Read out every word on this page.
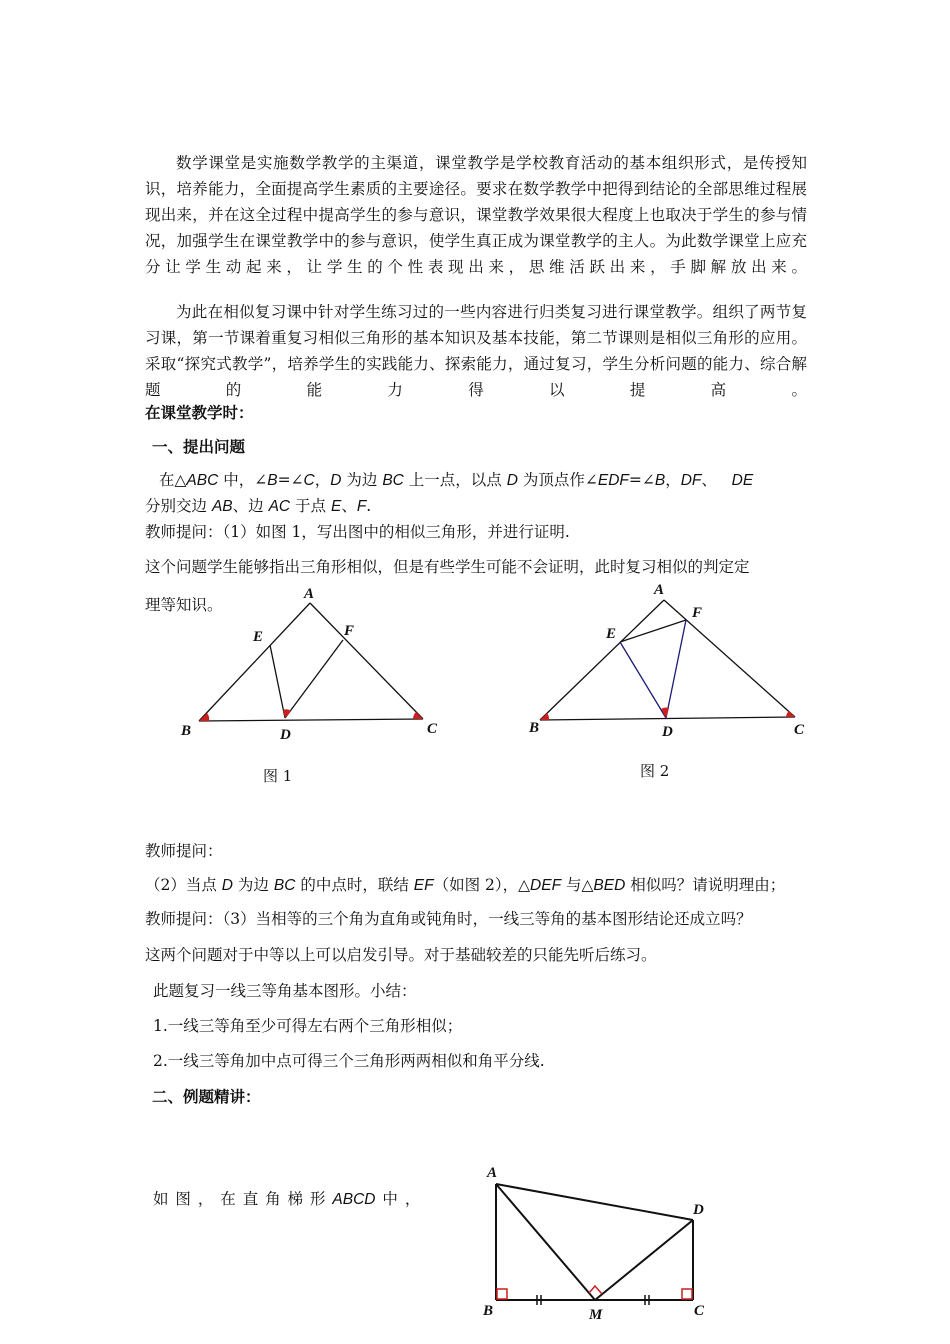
数学课堂是实施数学教学的主渠道，课堂教学是学校教育活动的基本组织形式，是传授知识，培养能力，全面提高学生素质的主要途径。要求在数学教学中把得到结论的全部思维过程展现出来，并在这全过程中提高学生的参与意识，课堂教学效果很大程度上也取决于学生的参与情况，加强学生在课堂教学中的参与意识，使学生真正成为课堂教学的主人。为此数学课堂上应充分让学生动起来，让学生的个性表现出来，思维活跃出来，手脚解放出来。
为此在相似复习课中针对学生练习过的一些内容进行归类复习进行课堂教学。组织了两节复习课，第一节课着重复习相似三角形的基本知识及基本技能，第二节课则是相似三角形的应用。采取“探究式教学”，培养学生的实践能力、探索能力，通过复习，学生分析问题的能力、综合解题的能力得以提高。
在课堂教学时：
一、提出问题
在△ABC 中，∠B=∠C，D 为边 BC 上一点，以点 D 为顶点作∠EDF=∠B，DF、   DE
分别交边 AB、边 AC 于点 E、F.
教师提问：（1）如图 1，写出图中的相似三角形，并进行证明.
这个问题学生能够指出三角形相似，但是有些学生可能不会证明，此时复习相似的判定定
理等知识。
A
E	F
B	D	C
图 1
A
E
F
B	D	C
图 2
教师提问：
（2）当点 D 为边 BC 的中点时，联结 EF（如图 2），△DEF 与△BED 相似吗？请说明理由；
教师提问：（3）当相等的三个角为直角或钝角时，一线三等角的基本图形结论还成立吗？
这两个问题对于中等以上可以启发引导。对于基础较差的只能先听后练习。
此题复习一线三等角基本图形。小结：
1.一线三等角至少可得左右两个三角形相似；
2.一线三等角加中点可得三个三角形两两相似和角平分线.
二、例题精讲：
如 图 ， 在 直 角 梯 形 ABCD 中 ，
A
D
B	M	C
